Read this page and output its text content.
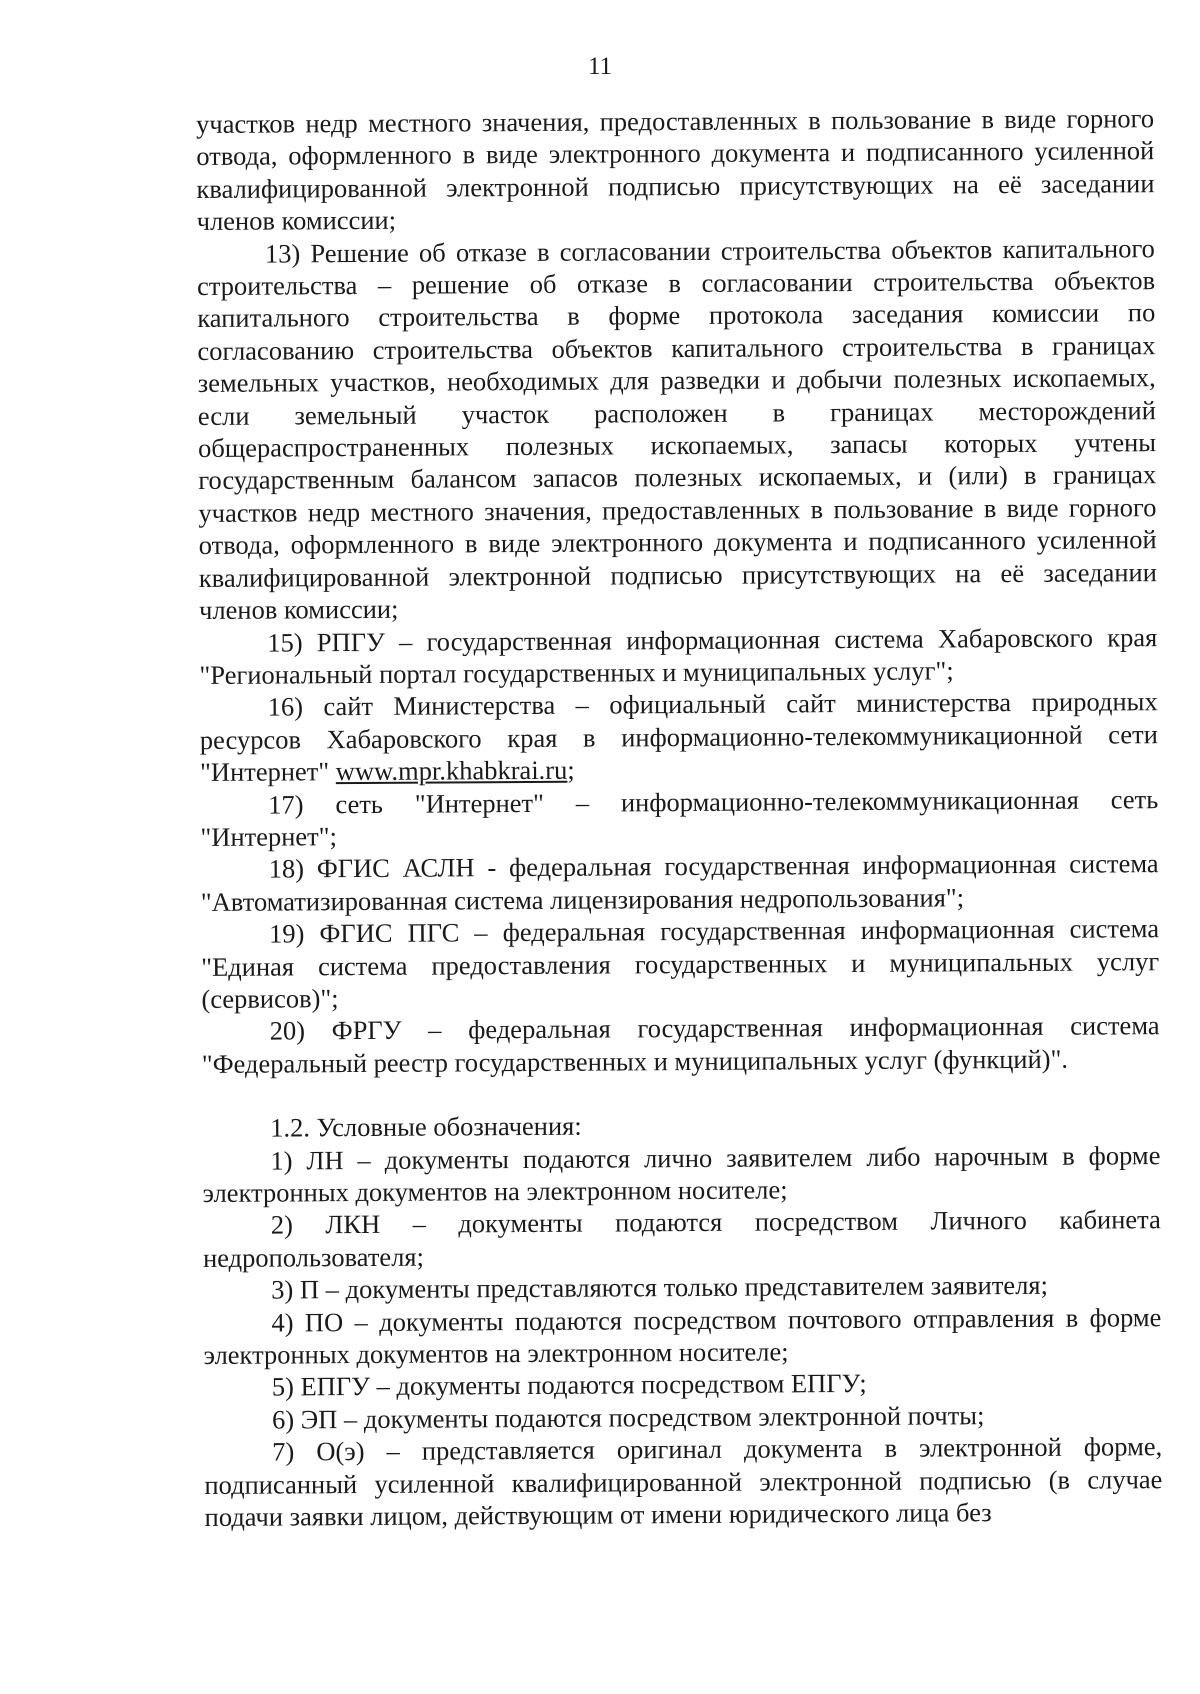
11

участков недр местного значения, предоставленных в пользование в виде горного отвода, оформленного в виде электронного документа и подписанного усиленной квалифицированной электронной подписью присутствующих на её заседании членов комиссии;

13) Решение об отказе в согласовании строительства объектов капитального строительства – решение об отказе в согласовании строительства объектов капитального строительства в форме протокола заседания комиссии по согласованию строительства объектов капитального строительства в границах земельных участков, необходимых для разведки и добычи полезных ископаемых, если земельный участок расположен в границах месторождений общераспространенных полезных ископаемых, запасы которых учтены государственным балансом запасов полезных ископаемых, и (или) в границах участков недр местного значения, предоставленных в пользование в виде горного отвода, оформленного в виде электронного документа и подписанного усиленной квалифицированной электронной подписью присутствующих на её заседании членов комиссии;

15) РПГУ – государственная информационная система Хабаровского края "Региональный портал государственных и муниципальных услуг";

16) сайт Министерства – официальный сайт министерства природных ресурсов Хабаровского края в информационно-телекоммуникационной сети "Интернет" www.mpr.khabkrai.ru;

17) сеть "Интернет" – информационно-телекоммуникационная сеть "Интернет";

18) ФГИС АСЛН - федеральная государственная информационная система "Автоматизированная система лицензирования недропользования";

19) ФГИС ПГС – федеральная государственная информационная система "Единая система предоставления государственных и муниципальных услуг (сервисов)";

20) ФРГУ – федеральная государственная информационная система "Федеральный реестр государственных и муниципальных услуг (функций)".

1.2. Условные обозначения:

1) ЛН – документы подаются лично заявителем либо нарочным в форме электронных документов на электронном носителе;

2) ЛКН – документы подаются посредством Личного кабинета недропользователя;

3) П – документы представляются только представителем заявителя;

4) ПО – документы подаются посредством почтового отправления в форме электронных документов на электронном носителе;

5) ЕПГУ – документы подаются посредством ЕПГУ;

6) ЭП – документы подаются посредством электронной почты;

7) О(э) – представляется оригинал документа в электронной форме, подписанный усиленной квалифицированной электронной подписью (в случае подачи заявки лицом, действующим от имени юридического лица без
